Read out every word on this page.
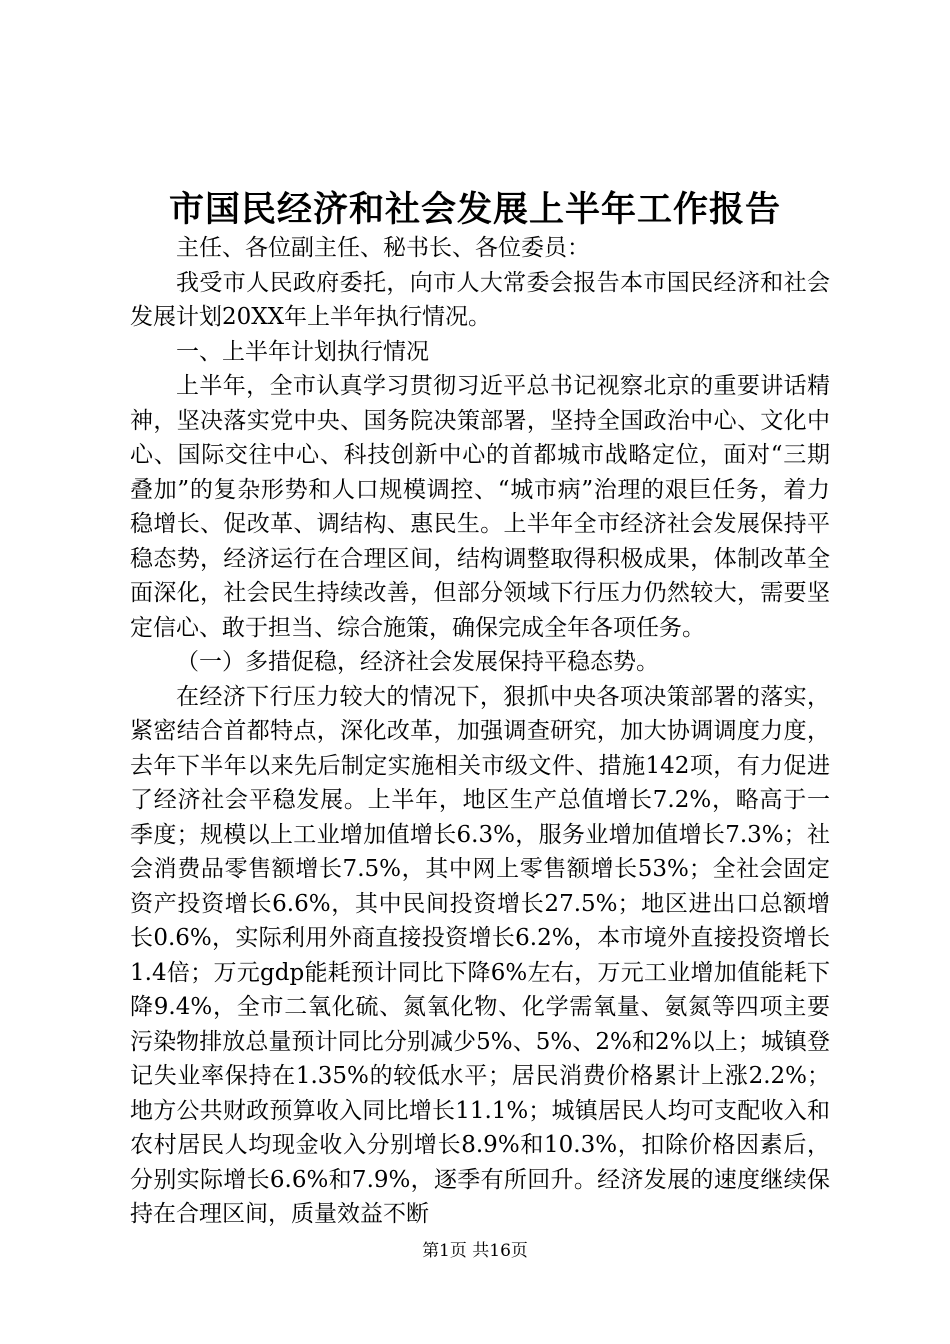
市国民经济和社会发展上半年工作报告

主任、各位副主任、秘书长、各位委员：

我受市人民政府委托，向市人大常委会报告本市国民经济和社会发展计划20XX年上半年执行情况。

一、上半年计划执行情况

上半年，全市认真学习贯彻习近平总书记视察北京的重要讲话精神，坚决落实党中央、国务院决策部署，坚持全国政治中心、文化中心、国际交往中心、科技创新中心的首都城市战略定位，面对“三期叠加”的复杂形势和人口规模调控、“城市病”治理的艰巨任务，着力稳增长、促改革、调结构、惠民生。上半年全市经济社会发展保持平稳态势，经济运行在合理区间，结构调整取得积极成果，体制改革全面深化，社会民生持续改善，但部分领域下行压力仍然较大，需要坚定信心、敢于担当、综合施策，确保完成全年各项任务。

（一）多措促稳，经济社会发展保持平稳态势。

在经济下行压力较大的情况下，狠抓中央各项决策部署的落实，紧密结合首都特点，深化改革，加强调查研究，加大协调调度力度，去年下半年以来先后制定实施相关市级文件、措施142项，有力促进了经济社会平稳发展。上半年，地区生产总值增长7.2%，略高于一季度；规模以上工业增加值增长6.3%，服务业增加值增长7.3%；社会消费品零售额增长7.5%，其中网上零售额增长53%；全社会固定资产投资增长6.6%，其中民间投资增长27.5%；地区进出口总额增长0.6%，实际利用外商直接投资增长6.2%，本市境外直接投资增长1.4倍；万元gdp能耗预计同比下降6%左右，万元工业增加值能耗下降9.4%，全市二氧化硫、氮氧化物、化学需氧量、氨氮等四项主要污染物排放总量预计同比分别减少5%、5%、2%和2%以上；城镇登记失业率保持在1.35%的较低水平；居民消费价格累计上涨2.2%；地方公共财政预算收入同比增长11.1%；城镇居民人均可支配收入和农村居民人均现金收入分别增长8.9%和10.3%，扣除价格因素后，分别实际增长6.6%和7.9%，逐季有所回升。经济发展的速度继续保持在合理区间，质量效益不断

第1页 共16页
